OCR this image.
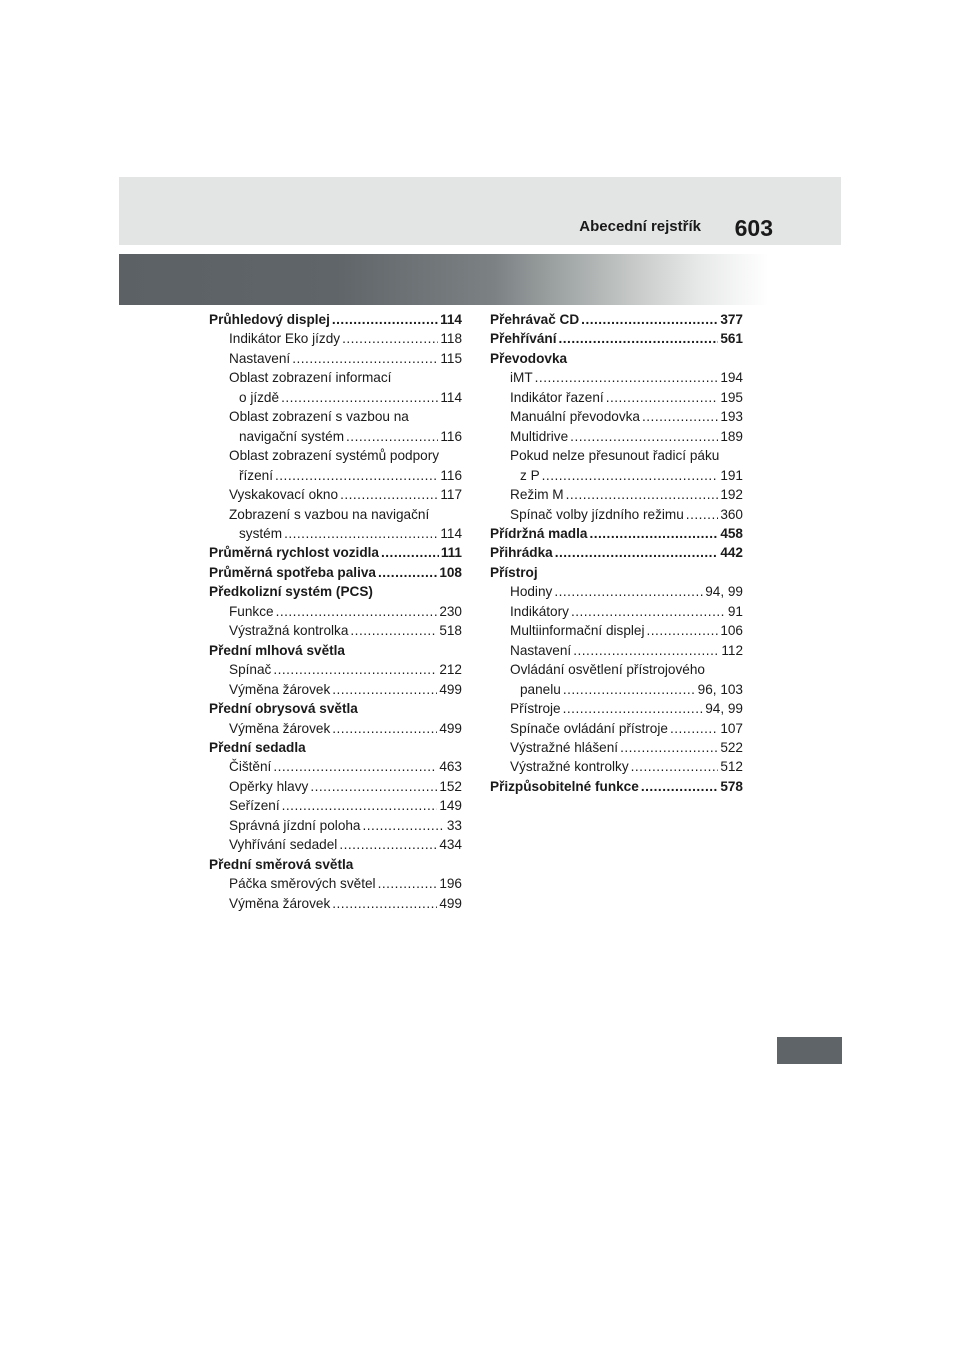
Abecední rejstřík 603
Průhledový displej .....	114
Indikátor Eko jízdy .....	118
Nastavení .....	115
Oblast zobrazení informací
o jízdě .....	114
Oblast zobrazení s vazbou na
navigační systém .....	116
Oblast zobrazení systémů podpory
řízení .....	116
Vyskakovací okno .....	117
Zobrazení s vazbou na navigační
systém .....	114
Průměrná rychlost vozidla .....	111
Průměrná spotřeba paliva .....	108
Předkolizní systém (PCS)
Funkce .....	230
Výstražná kontrolka .....	518
Přední mlhová světla
Spínač .....	212
Výměna žárovek .....	499
Přední obrysová světla
Výměna žárovek .....	499
Přední sedadla
Čištění .....	463
Opěrky hlavy .....	152
Seřízení .....	149
Správná jízdní poloha .....	33
Vyhřívání sedadel .....	434
Přední směrová světla
Páčka směrových světel .....	196
Výměna žárovek .....	499
Přehrávač CD .....	377
Přehřívání .....	561
Převodovka
iMT .....	194
Indikátor řazení .....	195
Manuální převodovka .....	193
Multidrive .....	189
Pokud nelze přesunout řadicí páku
z P .....	191
Režim M .....	192
Spínač volby jízdního režimu .....	360
Přídržná madla .....	458
Přihrádka .....	442
Přístroj
Hodiny .....	94, 99
Indikátory .....	91
Multiinformační displej .....	106
Nastavení .....	112
Ovládání osvětlení přístrojového
panelu .....	96, 103
Přístroje .....	94, 99
Spínače ovládání přístroje .....	107
Výstražné hlášení .....	522
Výstražné kontrolky .....	512
Přizpůsobitelné funkce .....	578
